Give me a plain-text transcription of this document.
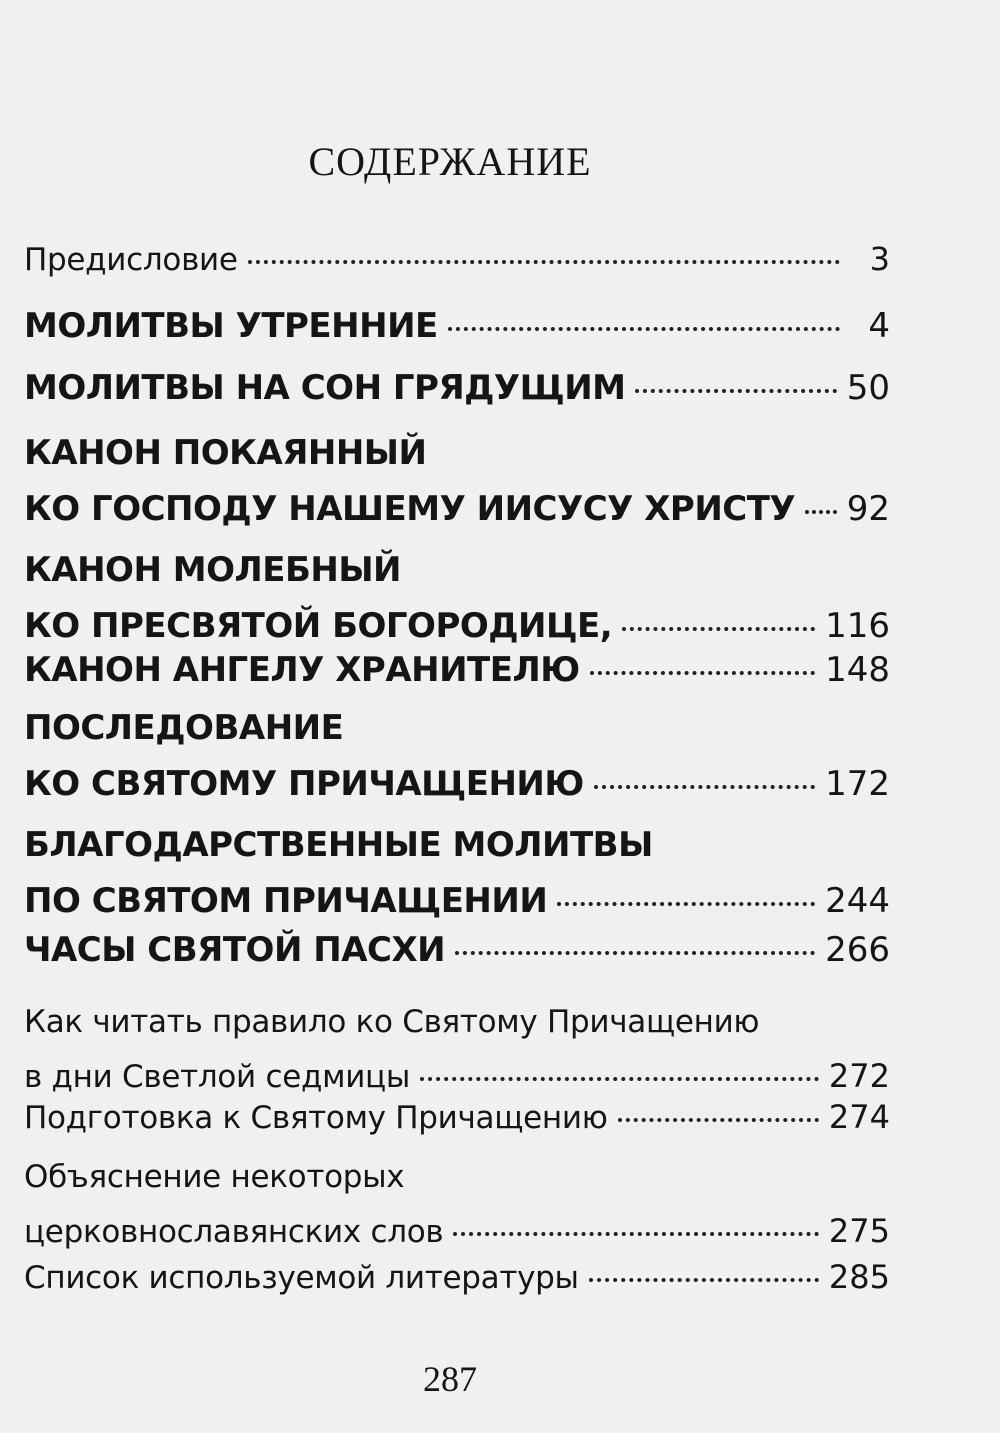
СОДЕРЖАНИЕ
Предисловие	3
МОЛИТВЫ УТРЕННИЕ	4
МОЛИТВЫ НА СОН ГРЯДУЩИМ	50
КАНОН ПОКАЯННЫЙ
КО ГОСПОДУ НАШЕМУ ИИСУСУ ХРИСТУ 92
КАНОН МОЛЕБНЫЙ
КО ПРЕСВЯТОЙ БОГОРОДИЦЕ,	116
КАНОН АНГЕЛУ ХРАНИТЕЛЮ	148
ПОСЛЕДОВАНИЕ
КО СВЯТОМУ ПРИЧАЩЕНИЮ	172
БЛАГОДАРСТВЕННЫЕ МОЛИТВЫ
ПО СВЯТОМ ПРИЧАЩЕНИИ	244
ЧАСЫ СВЯТОЙ ПАСХИ	266
Как читать правило ко Святому Причащению
в дни Светлой седмицы	272
Подготовка к Святому Причащению	274
Объяснение некоторых
церковнославянских слов	275
Список используемой литературы	285
287
